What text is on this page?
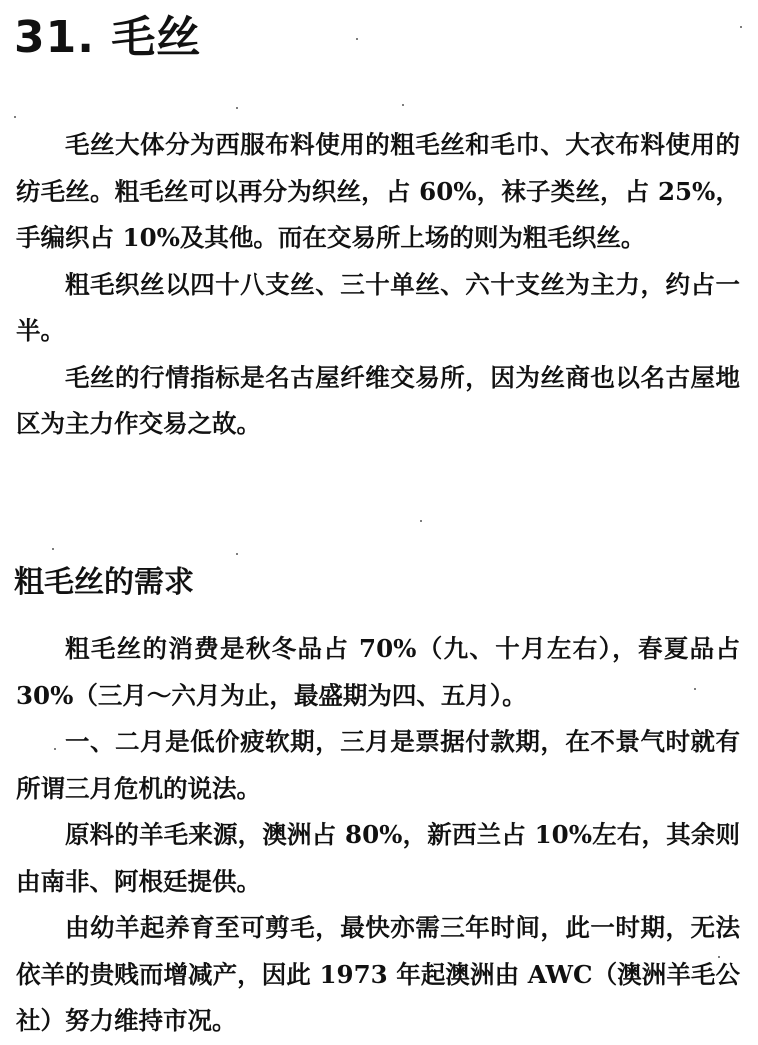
31. 毛丝

毛丝大体分为西服布料使用的粗毛丝和毛巾、大衣布料使用的纺毛丝。粗毛丝可以再分为织丝，占 60%，袜子类丝，占 25%，手编织占 10%及其他。而在交易所上场的则为粗毛织丝。

粗毛织丝以四十八支丝、三十单丝、六十支丝为主力，约占一半。

毛丝的行情指标是名古屋纤维交易所，因为丝商也以名古屋地区为主力作交易之故。

粗毛丝的需求

粗毛丝的消费是秋冬品占 70%（九、十月左右），春夏品占 30%（三月～六月为止，最盛期为四、五月）。

一、二月是低价疲软期，三月是票据付款期，在不景气时就有所谓三月危机的说法。

原料的羊毛来源，澳洲占 80%，新西兰占 10%左右，其余则由南非、阿根廷提供。

由幼羊起养育至可剪毛，最快亦需三年时间，此一时期，无法依羊的贵贱而增减产，因此 1973 年起澳洲由 AWC（澳洲羊毛公社）努力维持市况。
